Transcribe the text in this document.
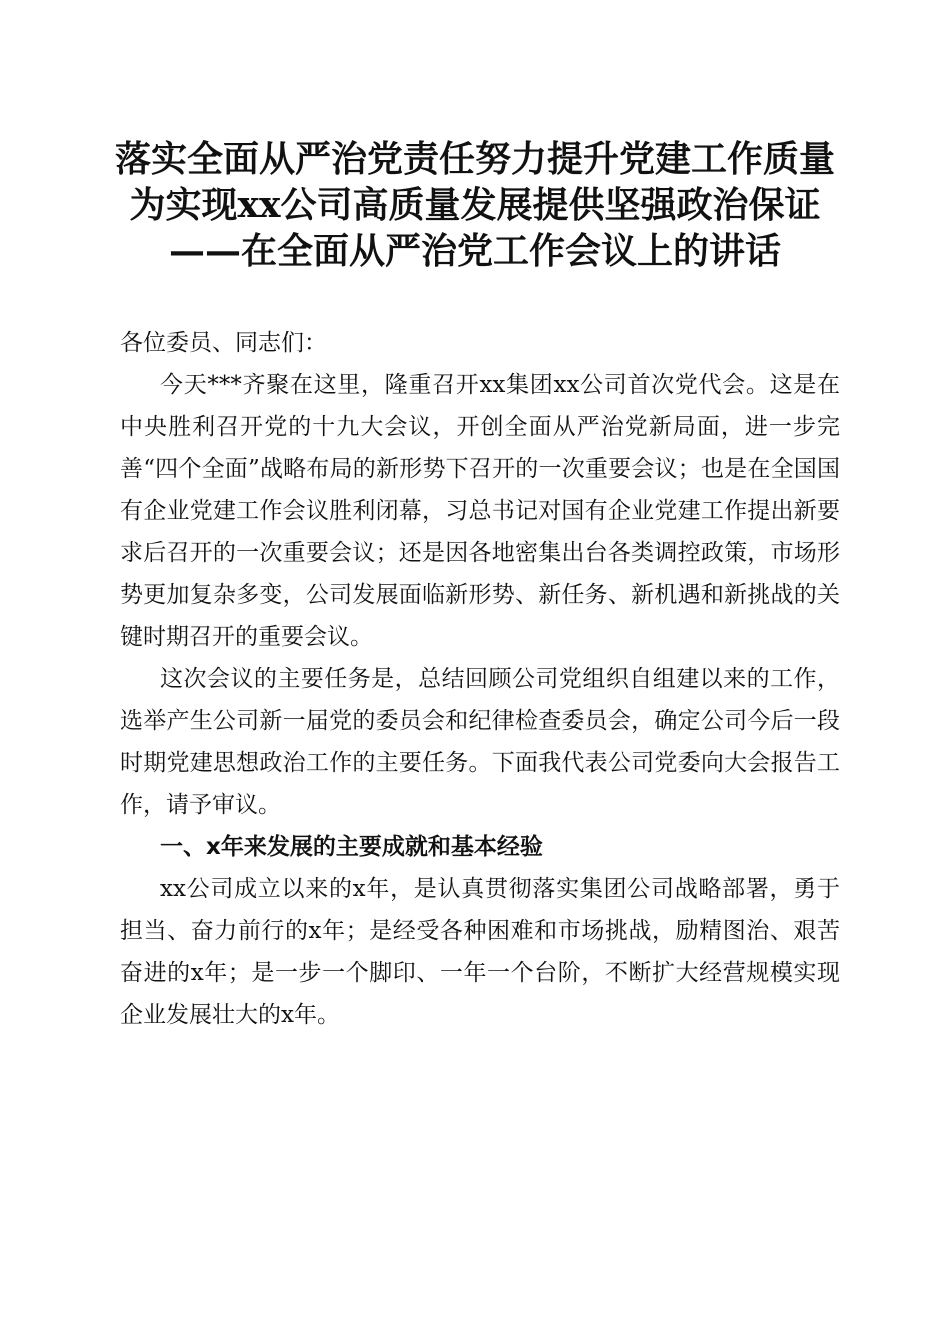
落实全面从严治党责任努力提升党建工作质量
为实现xx公司高质量发展提供坚强政治保证
——在全面从严治党工作会议上的讲话

各位委员、同志们：

今天***齐聚在这里，隆重召开xx集团xx公司首次党代会。这是在中央胜利召开党的十九大会议，开创全面从严治党新局面，进一步完善“四个全面”战略布局的新形势下召开的一次重要会议；也是在全国国有企业党建工作会议胜利闭幕，习总书记对国有企业党建工作提出新要求后召开的一次重要会议；还是因各地密集出台各类调控政策，市场形势更加复杂多变，公司发展面临新形势、新任务、新机遇和新挑战的关键时期召开的重要会议。

这次会议的主要任务是，总结回顾公司党组织自组建以来的工作，选举产生公司新一届党的委员会和纪律检查委员会，确定公司今后一段时期党建思想政治工作的主要任务。下面我代表公司党委向大会报告工作，请予审议。

一、x年来发展的主要成就和基本经验

xx公司成立以来的x年，是认真贯彻落实集团公司战略部署，勇于担当、奋力前行的x年；是经受各种困难和市场挑战，励精图治、艰苦奋进的x年；是一步一个脚印、一年一个台阶，不断扩大经营规模实现企业发展壮大的x年。
